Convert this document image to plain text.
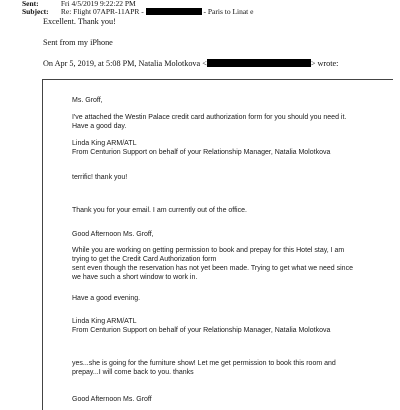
Sent:	Fri 4/5/2019 9:22:22 PM
Subject: Re: Flight 07APR-11APR -	- Paris to Linat e
Excellent. Thank you!
Sent from my iPhone
On Apr 5, 2019, at 5:08 PM, Natalia Molotkova <	> wrote:
Ms. Groff,
I've attached the Westin Palace credit card authorization form for you should you need it.
Have a good day.
Linda King ARM/ATL
From Centurion Support on behalf of your Relationship Manager, Natalia Molotkova
terrific! thank you!
Thank you for your email. I am currently out of the office.
Good Afternoon Ms. Groff,
While you are working on getting permission to book and prepay for this Hotel stay, I am
trying to get the Credit Card Authorization form
sent even though the reservation has not yet been made. Trying to get what we need since
we have such a short window to work in.
Have a good evening.
Linda King ARM/ATL
From Centurion Support on behalf of your Relationship Manager, Natalia Molotkova
yes...she is going for the furniture show! Let me get permission to book this room and
prepay...I will come back to you. thanks
Good Afternoon Ms. Groff
